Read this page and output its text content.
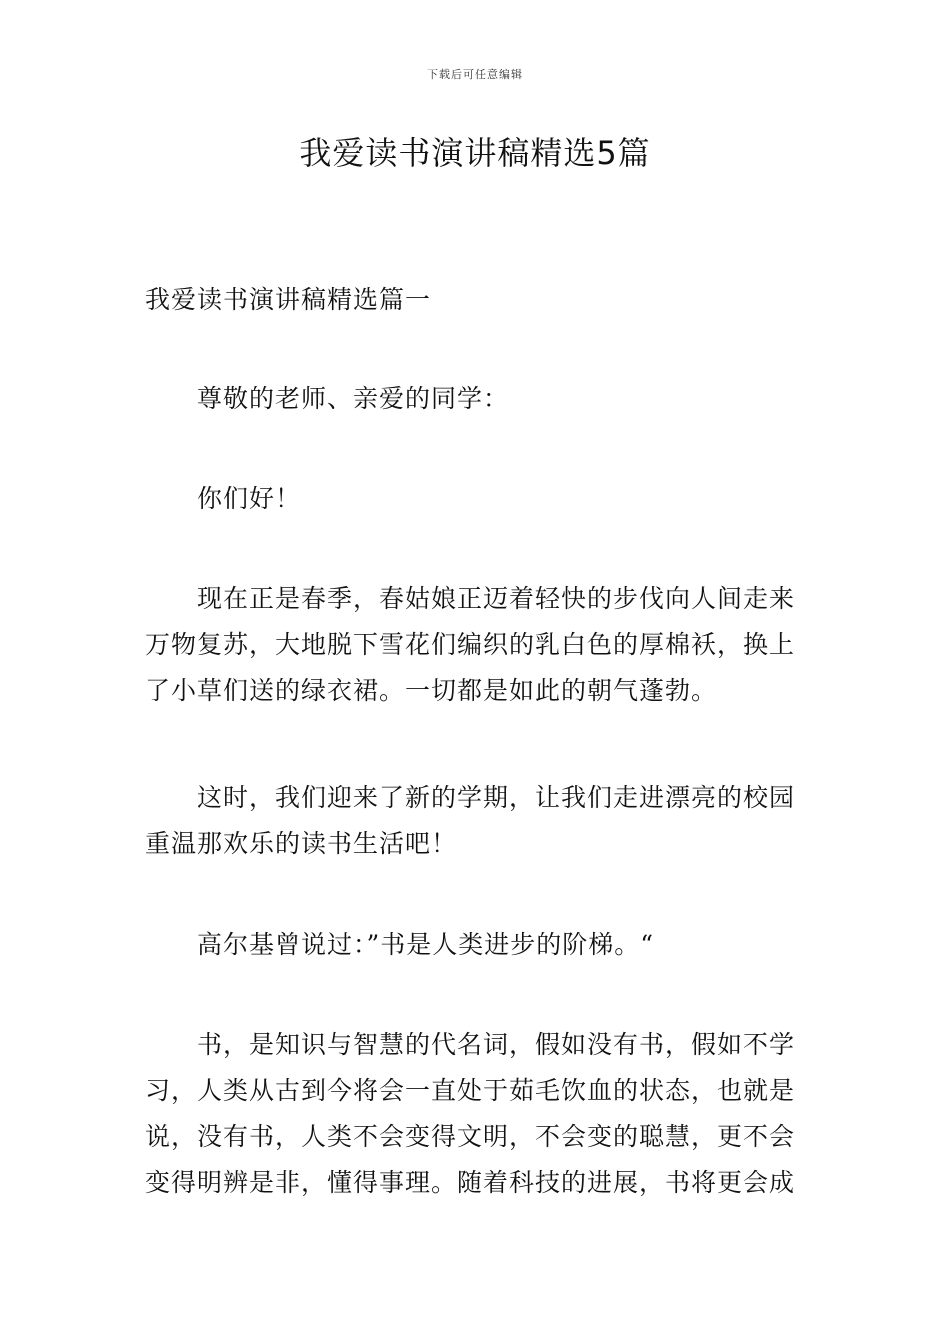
下载后可任意编辑
我爱读书演讲稿精选5篇

我爱读书演讲稿精选篇一

尊敬的老师、亲爱的同学：

你们好！

现在正是春季，春姑娘正迈着轻快的步伐向人间走来
万物复苏，大地脱下雪花们编织的乳白色的厚棉袄，换上
了小草们送的绿衣裙。一切都是如此的朝气蓬勃。

这时，我们迎来了新的学期，让我们走进漂亮的校园
重温那欢乐的读书生活吧！

高尔基曾说过：”书是人类进步的阶梯。“

书，是知识与智慧的代名词，假如没有书，假如不学
习，人类从古到今将会一直处于茹毛饮血的状态，也就是
说，没有书，人类不会变得文明，不会变的聪慧，更不会
变得明辨是非，懂得事理。随着科技的进展，书将更会成
